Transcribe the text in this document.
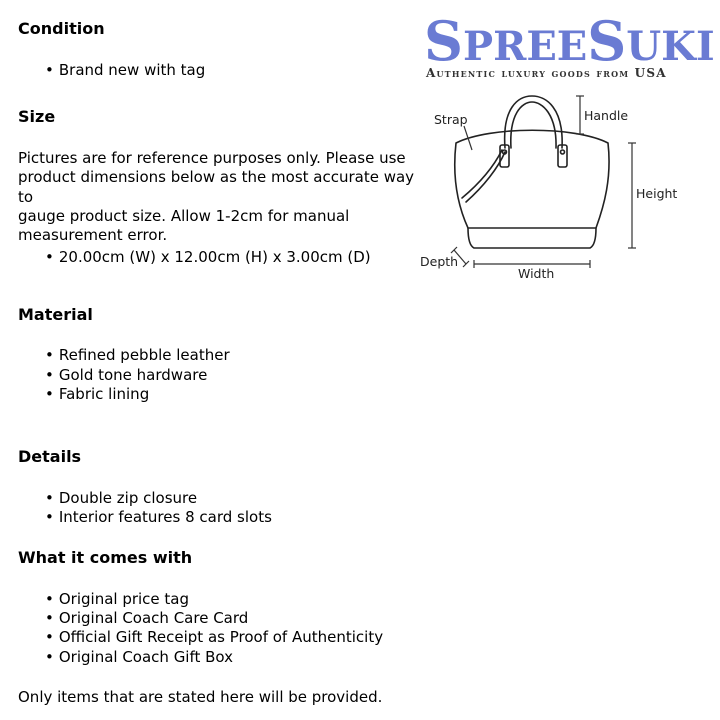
Condition
• Brand new with tag
Size
Pictures are for reference purposes only. Please use
product dimensions below as the most accurate way to
gauge product size. Allow 1-2cm for manual
measurement error.
• 20.00cm (W) x 12.00cm (H) x 3.00cm (D)
Material
• Refined pebble leather
• Gold tone hardware
• Fabric lining
Details
• Double zip closure
• Interior features 8 card slots
What it comes with
• Original price tag
• Original Coach Care Card
• Official Gift Receipt as Proof of Authenticity
• Original Coach Gift Box
Only items that are stated here will be provided.
SPREESUKI
Authentic luxury goods from USA
Strap	Handle
Height
Depth
Width
